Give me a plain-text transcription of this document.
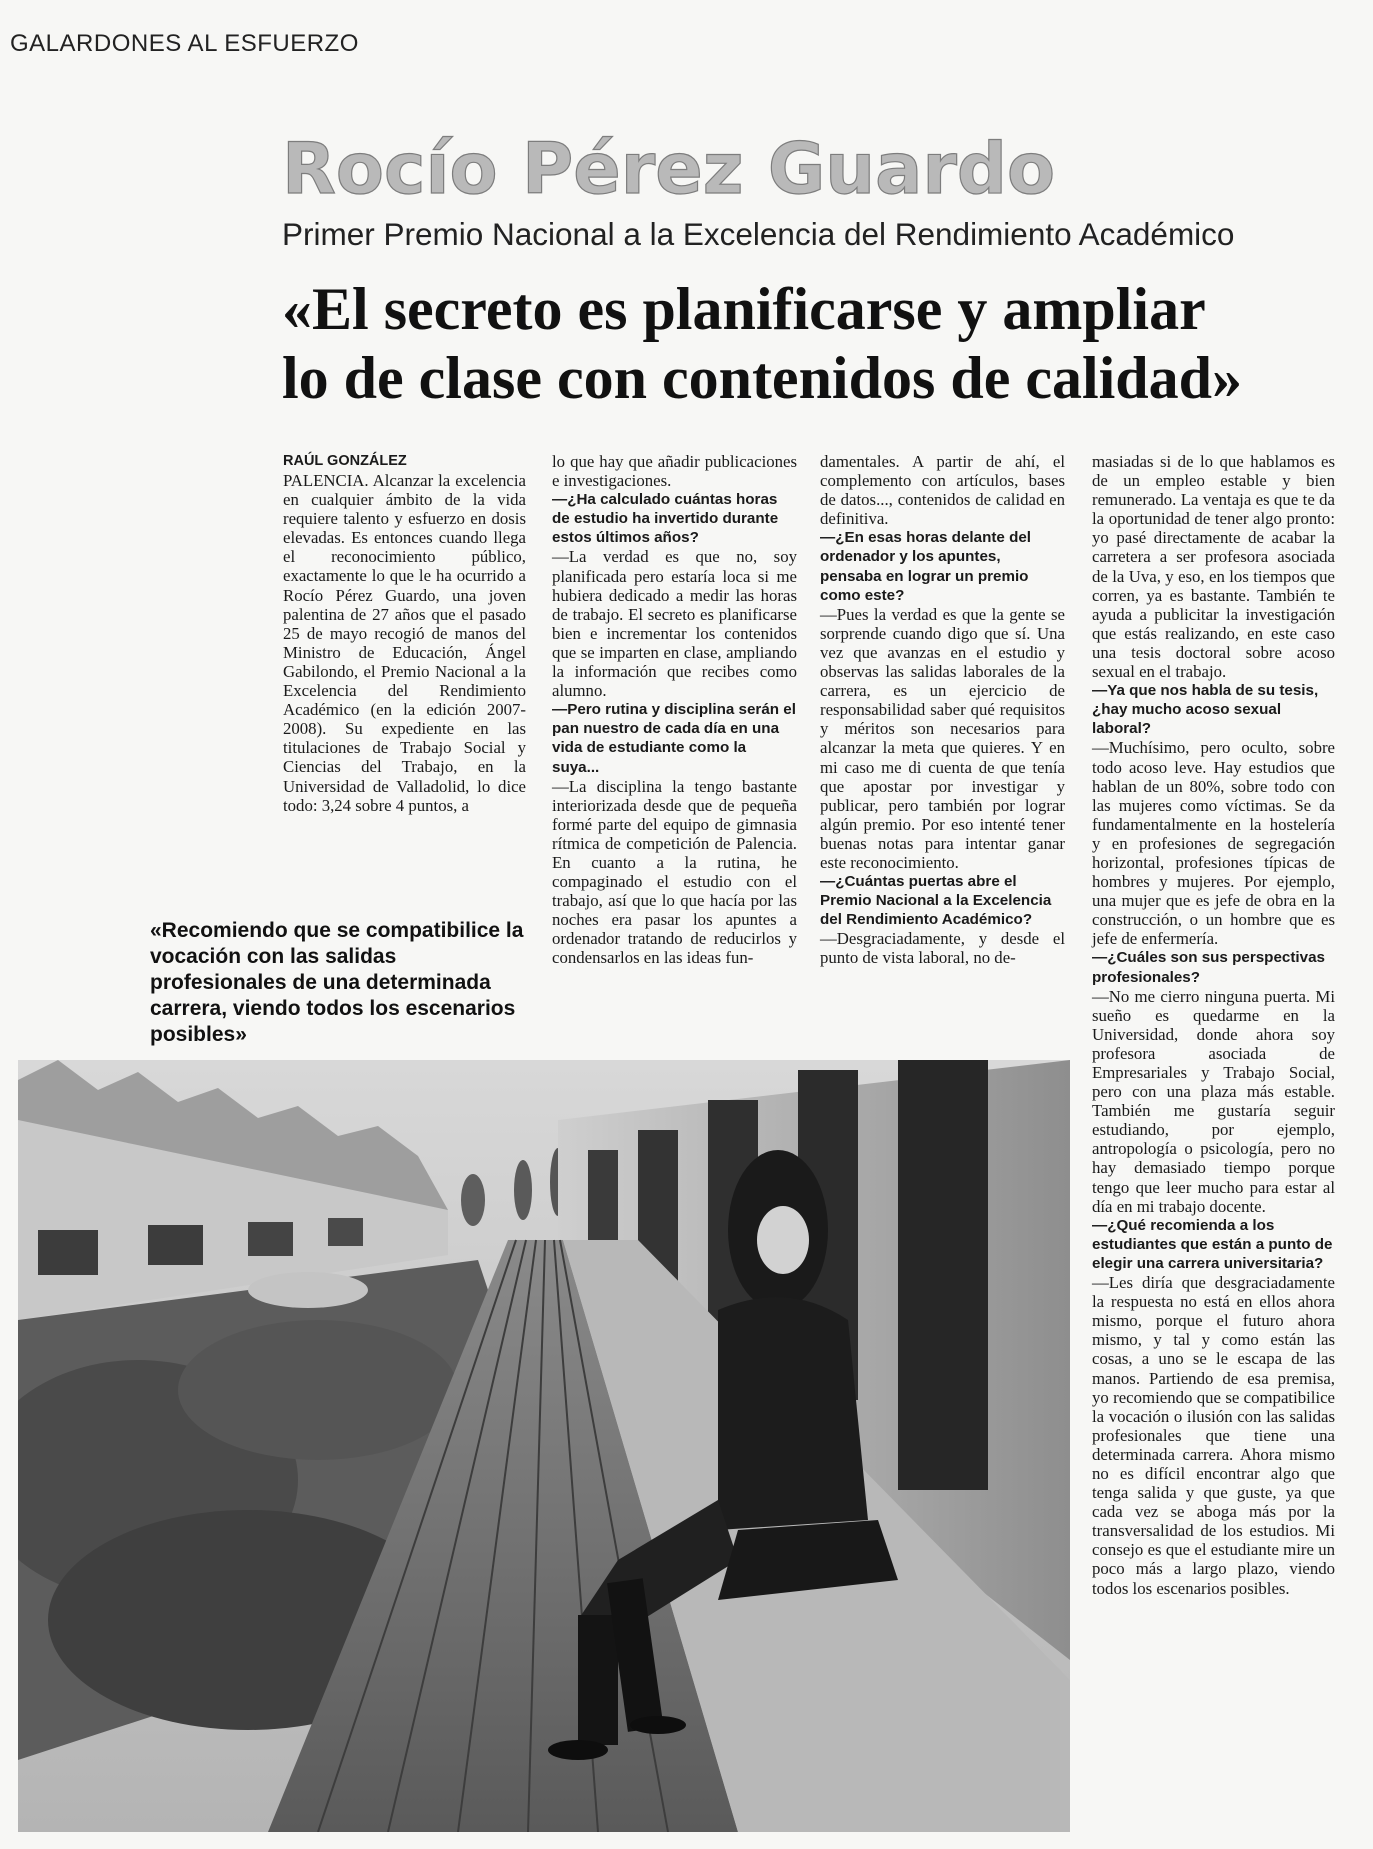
GALARDONES AL ESFUERZO
Rocío Pérez Guardo
Primer Premio Nacional a la Excelencia del Rendimiento Académico
«El secreto es planificarse y ampliar
lo de clase con contenidos de calidad»
RAÚL GONZÁLEZ

PALENCIA. Alcanzar la excelencia en cualquier ámbito de la vida requiere talento y esfuerzo en dosis elevadas. Es entonces cuando llega el reconocimiento público, exactamente lo que le ha ocurrido a Rocío Pérez Guardo, una joven palentina de 27 años que el pasado 25 de mayo recogió de manos del Ministro de Educación, Ángel Gabilondo, el Premio Nacional a la Excelencia del Rendimiento Académico (en la edición 2007-2008). Su expediente en las titulaciones de Trabajo Social y Ciencias del Trabajo, en la Universidad de Valladolid, lo dice todo: 3,24 sobre 4 puntos, a

lo que hay que añadir publicaciones e investigaciones.

—¿Ha calculado cuántas horas de estudio ha invertido durante estos últimos años?

—La verdad es que no, soy planificada pero estaría loca si me hubiera dedicado a medir las horas de trabajo. El secreto es planificarse bien e incrementar los contenidos que se imparten en clase, ampliando la información que recibes como alumno.

—Pero rutina y disciplina serán el pan nuestro de cada día en una vida de estudiante como la suya...

—La disciplina la tengo bastante interiorizada desde que de pequeña formé parte del equipo de gimnasia rítmica de competición de Palencia. En cuanto a la rutina, he compaginado el estudio con el trabajo, así que lo que hacía por las noches era pasar los apuntes a ordenador tratando de reducirlos y condensarlos en las ideas fun-

damentales. A partir de ahí, el complemento con artículos, bases de datos..., contenidos de calidad en definitiva.

—¿En esas horas delante del ordenador y los apuntes, pensaba en lograr un premio como este?

—Pues la verdad es que la gente se sorprende cuando digo que sí. Una vez que avanzas en el estudio y observas las salidas laborales de la carrera, es un ejercicio de responsabilidad saber qué requisitos y méritos son necesarios para alcanzar la meta que quieres. Y en mi caso me di cuenta de que tenía que apostar por investigar y publicar, pero también por lograr algún premio. Por eso intenté tener buenas notas para intentar ganar este reconocimiento.

—¿Cuántas puertas abre el Premio Nacional a la Excelencia del Rendimiento Académico?

—Desgraciadamente, y desde el punto de vista laboral, no de-

masiadas si de lo que hablamos es de un empleo estable y bien remunerado. La ventaja es que te da la oportunidad de tener algo pronto: yo pasé directamente de acabar la carretera a ser profesora asociada de la Uva, y eso, en los tiempos que corren, ya es bastante. También te ayuda a publicitar la investigación que estás realizando, en este caso una tesis doctoral sobre acoso sexual en el trabajo.

—Ya que nos habla de su tesis, ¿hay mucho acoso sexual laboral?

—Muchísimo, pero oculto, sobre todo acoso leve. Hay estudios que hablan de un 80%, sobre todo con las mujeres como víctimas. Se da fundamentalmente en la hostelería y en profesiones de segregación horizontal, profesiones típicas de hombres y mujeres. Por ejemplo, una mujer que es jefe de obra en la construcción, o un hombre que es jefe de enfermería.

—¿Cuáles son sus perspectivas profesionales?

—No me cierro ninguna puerta. Mi sueño es quedarme en la Universidad, donde ahora soy profesora asociada de Empresariales y Trabajo Social, pero con una plaza más estable. También me gustaría seguir estudiando, por ejemplo, antropología o psicología, pero no hay demasiado tiempo porque tengo que leer mucho para estar al día en mi trabajo docente.

—¿Qué recomienda a los estudiantes que están a punto de elegir una carrera universitaria?

—Les diría que desgraciadamente la respuesta no está en ellos ahora mismo, porque el futuro ahora mismo, y tal y como están las cosas, a uno se le escapa de las manos. Partiendo de esa premisa, yo recomiendo que se compatibilice la vocación o ilusión con las salidas profesionales que tiene una determinada carrera. Ahora mismo no es difícil encontrar algo que tenga salida y que guste, ya que cada vez se aboga más por la transversalidad de los estudios. Mi consejo es que el estudiante mire un poco más a largo plazo, viendo todos los escenarios posibles.

«Recomiendo que se compatibilice la vocación con las salidas profesionales de una determinada carrera, viendo todos los escenarios posibles»
